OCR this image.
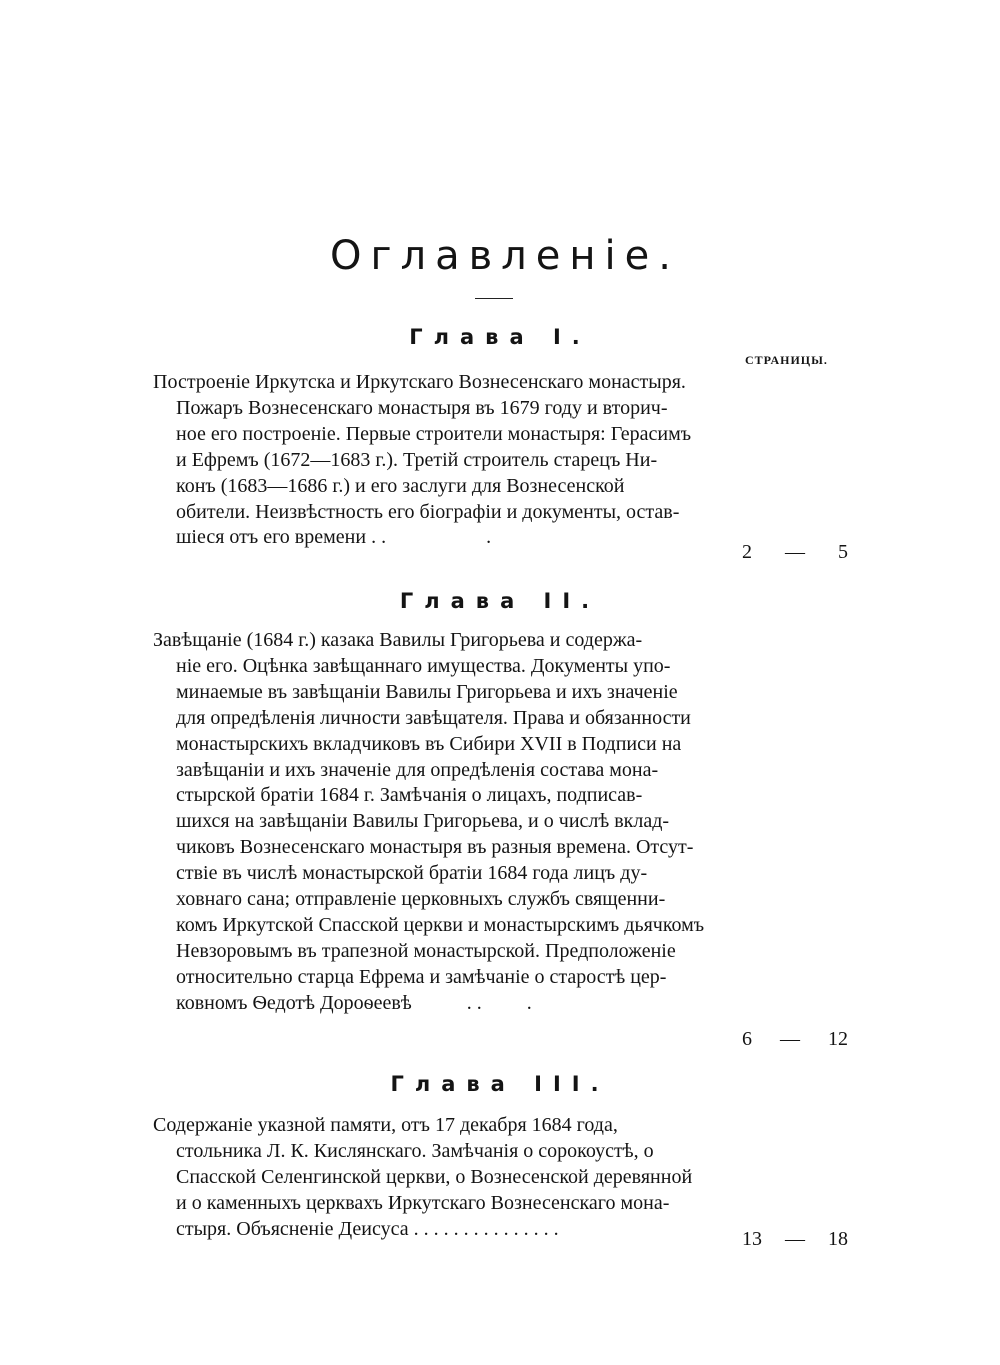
Оглавленіе.
Глава I.
СТРАНИЦЫ.
Построеніе Иркутска и Иркутскаго Вознесенскаго монастыря.
Пожаръ Вознесенскаго монастыря въ 1679 году и вторич-
ное его построеніе. Первые строители монастыря: Герасимъ
и Ефремъ (1672—1683 г.). Третій строитель старецъ Ни-
конъ (1683—1686 г.) и его заслуги для Вознесенской
обители. Неизвѣстность его біографіи и документы, остав-
шіеся отъ его времени . .                    .
2 — 5
Глава II.
Завѣщаніе (1684 г.) казака Вавилы Григорьева и содержа-
ніе его. Оцѣнка завѣщаннаго имущества. Документы упо-
минаемые въ завѣщаніи Вавилы Григорьева и ихъ значеніе
для опредѣленія личности завѣщателя. Права и обязанности
монастырскихъ вкладчиковъ въ Сибири XVII в Подписи на
завѣщаніи и ихъ значеніе для опредѣленія состава мона-
стырской братіи 1684 г. Замѣчанія о лицахъ, подписав-
шихся на завѣщаніи Вавилы Григорьева, и о числѣ вклад-
чиковъ Вознесенскаго монастыря въ разныя времена. Отсут-
ствіе въ числѣ монастырской братіи 1684 года лицъ ду-
ховнаго сана; отправленіе церковныхъ службъ священни-
комъ Иркутской Спасской церкви и монастырскимъ дьячкомъ
Невзоровымъ въ трапезной монастырской. Предположеніе
относительно старца Ефрема и замѣчаніе о старостѣ цер-
ковномъ Ѳедотѣ Дороѳеевѣ           . .         .
6 — 12
Глава III.
Содержаніе указной памяти, отъ 17 декабря 1684 года,
стольника Л. К. Кислянскаго. Замѣчанія о сорокоустѣ, о
Спасской Селенгинской церкви, о Вознесенской деревянной
и о каменныхъ церквахъ Иркутскаго Вознесенскаго мона-
стыря. Объясненіе Деисуса . . . . . . . . . . . . . . .	13 — 18
